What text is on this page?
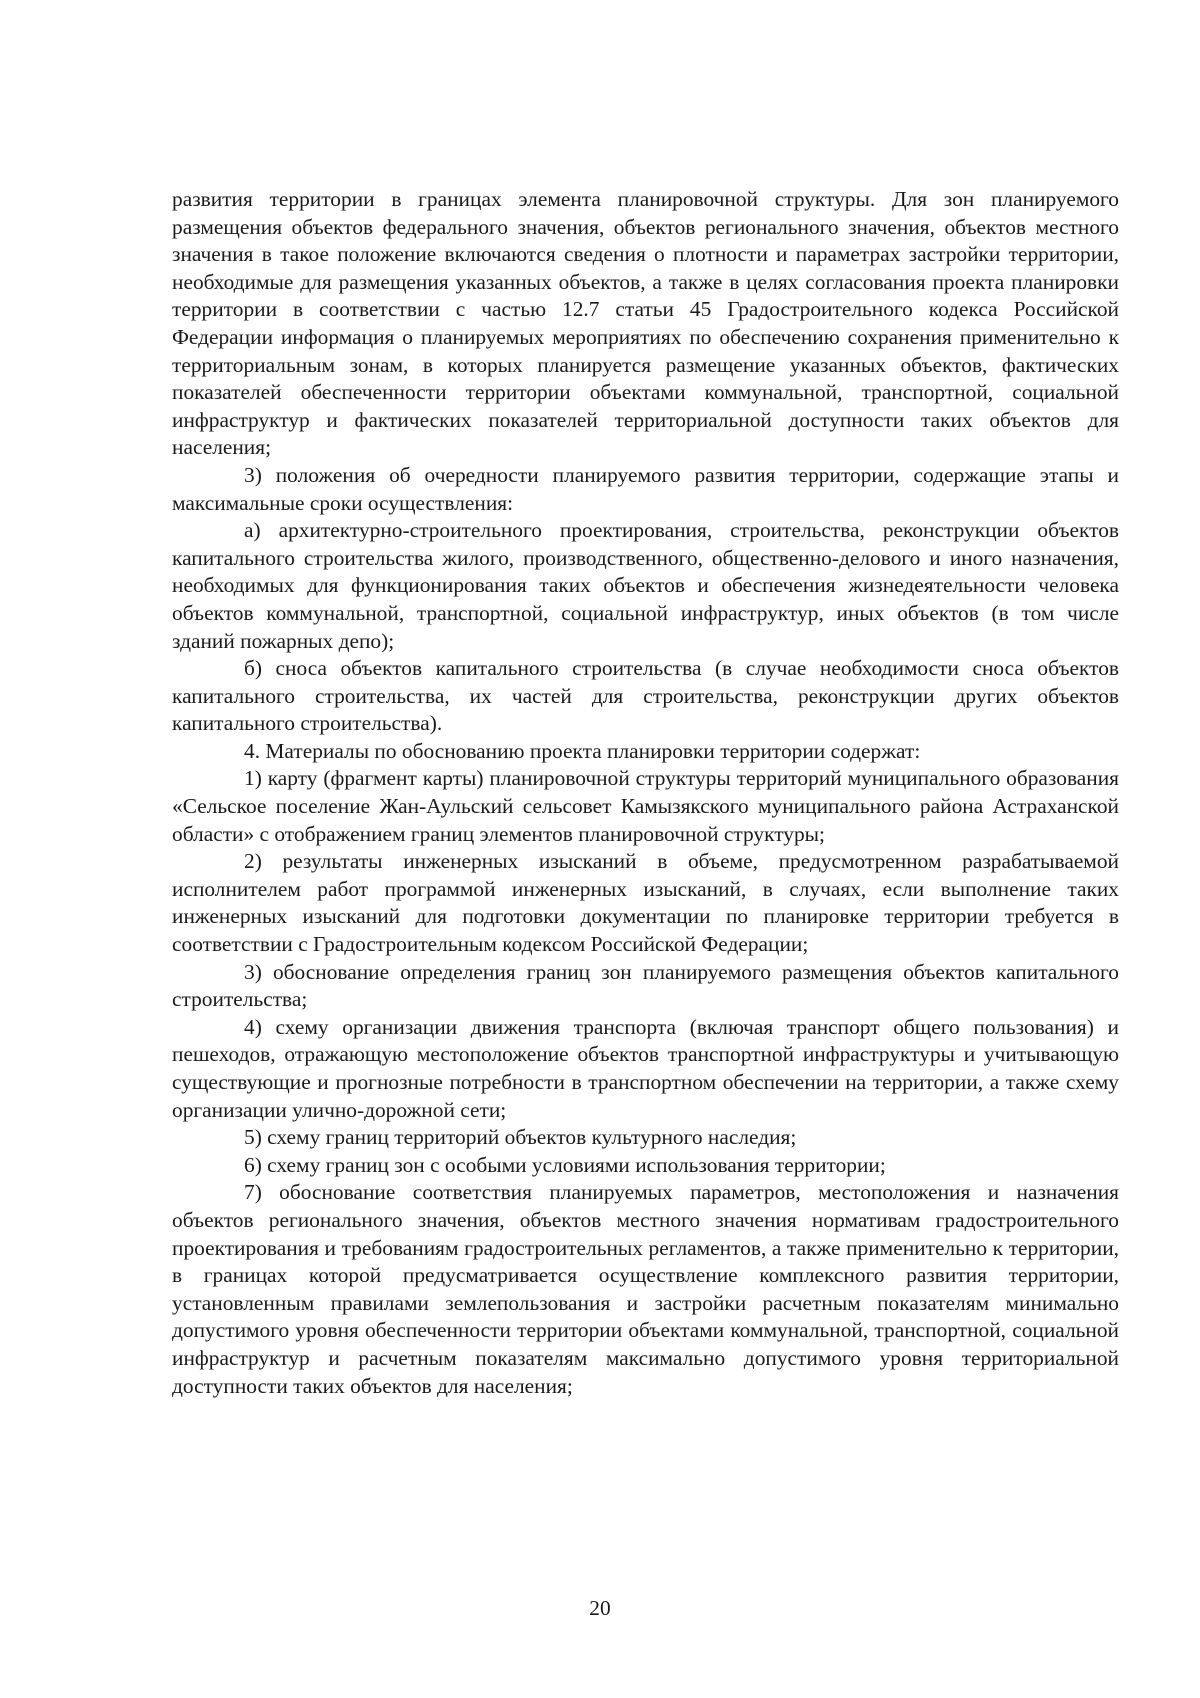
развития территории в границах элемента планировочной структуры. Для зон планируемого размещения объектов федерального значения, объектов регионального значения, объектов местного значения в такое положение включаются сведения о плотности и параметрах застройки территории, необходимые для размещения указанных объектов, а также в целях согласования проекта планировки территории в соответствии с частью 12.7 статьи 45 Градостроительного кодекса Российской Федерации информация о планируемых мероприятиях по обеспечению сохранения применительно к территориальным зонам, в которых планируется размещение указанных объектов, фактических показателей обеспеченности территории объектами коммунальной, транспортной, социальной инфраструктур и фактических показателей территориальной доступности таких объектов для населения;

3) положения об очередности планируемого развития территории, содержащие этапы и максимальные сроки осуществления:

а) архитектурно-строительного проектирования, строительства, реконструкции объектов капитального строительства жилого, производственного, общественно-делового и иного назначения, необходимых для функционирования таких объектов и обеспечения жизнедеятельности человека объектов коммунальной, транспортной, социальной инфраструктур, иных объектов (в том числе зданий пожарных депо);

б) сноса объектов капитального строительства (в случае необходимости сноса объектов капитального строительства, их частей для строительства, реконструкции других объектов капитального строительства).

4. Материалы по обоснованию проекта планировки территории содержат:

1) карту (фрагмент карты) планировочной структуры территорий муниципального образования «Сельское поселение Жан-Аульский сельсовет Камызякского муниципального района Астраханской области» с отображением границ элементов планировочной структуры;

2) результаты инженерных изысканий в объеме, предусмотренном разрабатываемой исполнителем работ программой инженерных изысканий, в случаях, если выполнение таких инженерных изысканий для подготовки документации по планировке территории требуется в соответствии с Градостроительным кодексом Российской Федерации;

3) обоснование определения границ зон планируемого размещения объектов капитального строительства;

4) схему организации движения транспорта (включая транспорт общего пользования) и пешеходов, отражающую местоположение объектов транспортной инфраструктуры и учитывающую существующие и прогнозные потребности в транспортном обеспечении на территории, а также схему организации улично-дорожной сети;

5) схему границ территорий объектов культурного наследия;

6) схему границ зон с особыми условиями использования территории;

7) обоснование соответствия планируемых параметров, местоположения и назначения объектов регионального значения, объектов местного значения нормативам градостроительного проектирования и требованиям градостроительных регламентов, а также применительно к территории, в границах которой предусматривается осуществление комплексного развития территории, установленным правилами землепользования и застройки расчетным показателям минимально допустимого уровня обеспеченности территории объектами коммунальной, транспортной, социальной инфраструктур и расчетным показателям максимально допустимого уровня территориальной доступности таких объектов для населения;

20
